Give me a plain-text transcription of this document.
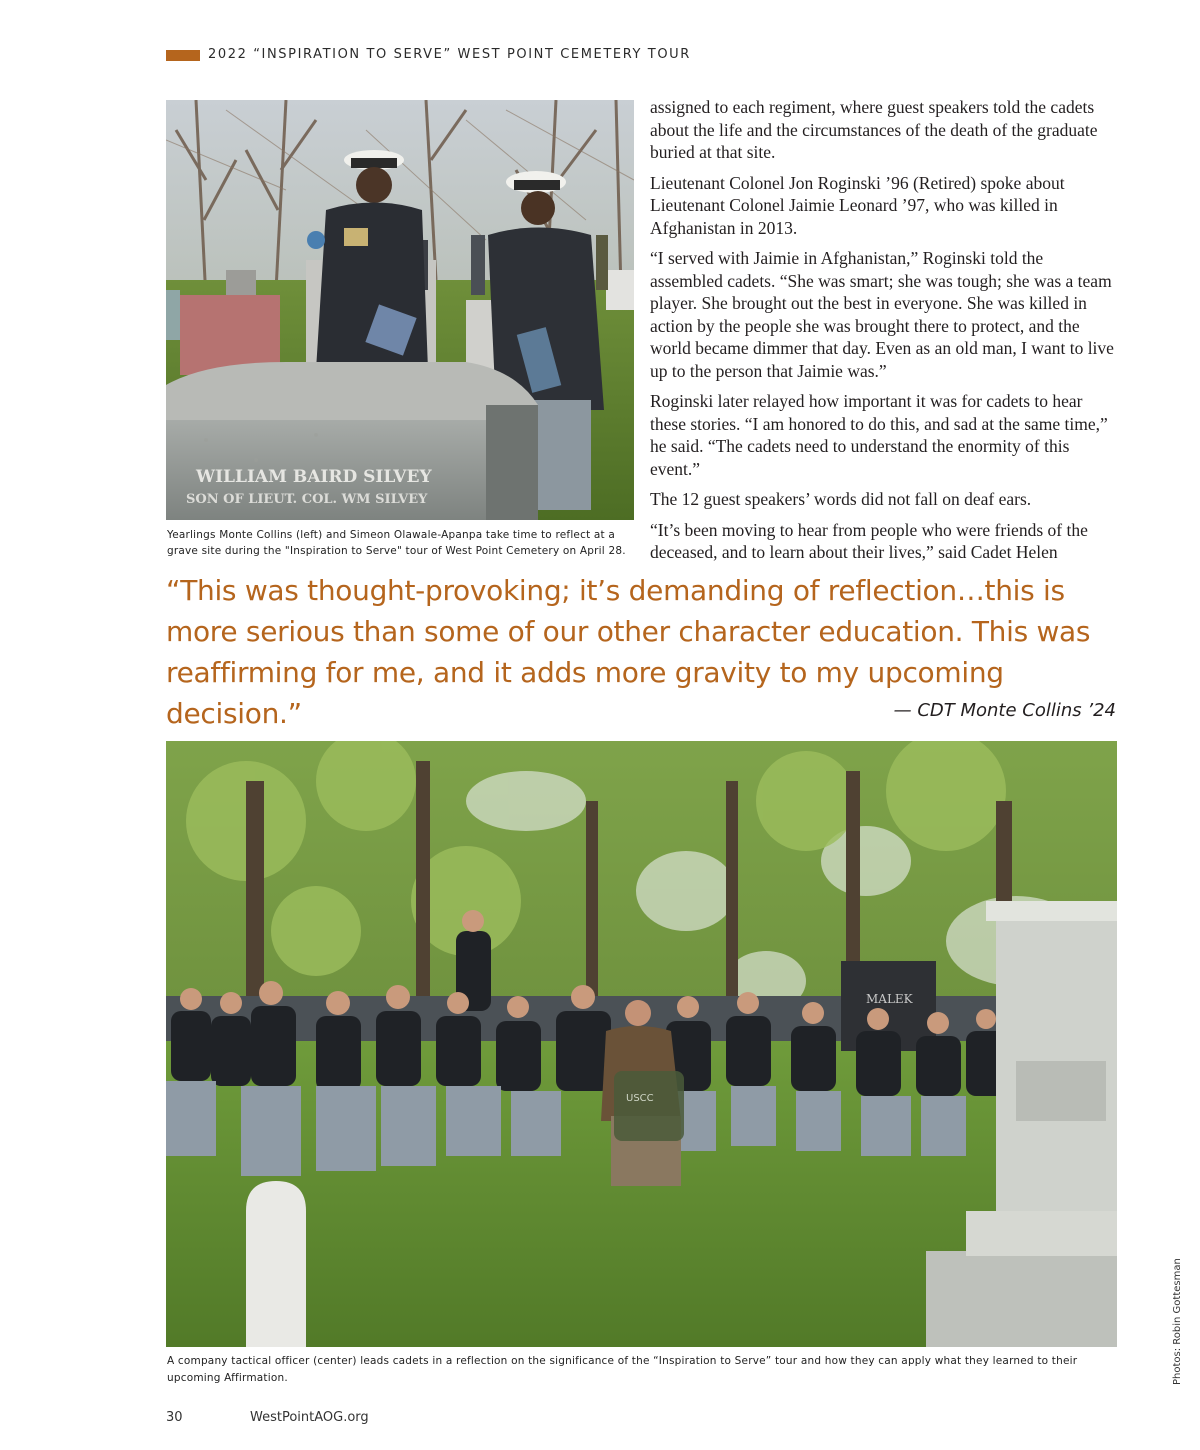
2022 “INSPIRATION TO SERVE” WEST POINT CEMETERY TOUR
WILLIAM BAIRD SILVEY
SON OF LIEUT. COL. WM SILVEY
Yearlings Monte Collins (left) and Simeon Olawale-Apanpa take time to reflect at a grave site during the "Inspiration to Serve" tour of West Point Cemetery on April 28.

assigned to each regiment, where guest speakers told the cadets about the life and the circumstances of the death of the graduate buried at that site.

Lieutenant Colonel Jon Roginski ’96 (Retired) spoke about Lieutenant Colonel Jaimie Leonard ’97, who was killed in Afghanistan in 2013.

“I served with Jaimie in Afghanistan,” Roginski told the assembled cadets. “She was smart; she was tough; she was a team player. She brought out the best in everyone. She was killed in action by the people she was brought there to protect, and the world became dimmer that day. Even as an old man, I want to live up to the person that Jaimie was.”

Roginski later relayed how important it was for cadets to hear these stories. “I am honored to do this, and sad at the same time,” he said. “The cadets need to understand the enormity of this event.”

The 12 guest speakers’ words did not fall on deaf ears.

“It’s been moving to hear from people who were friends of the deceased, and to learn about their lives,” said Cadet Helen

“This was thought-provoking; it’s demanding of reflection…this is more serious than some of our other character education. This was reaffirming for me, and it adds more gravity to my upcoming decision.”	— CDT Monte Collins ’24
MALEK
USCC
A company tactical officer (center) leads cadets in a reflection on the significance of the “Inspiration to Serve” tour and how they can apply what they learned to their upcoming Affirmation.	Photos: Robin Gottesman
30	WestPointAOG.org
